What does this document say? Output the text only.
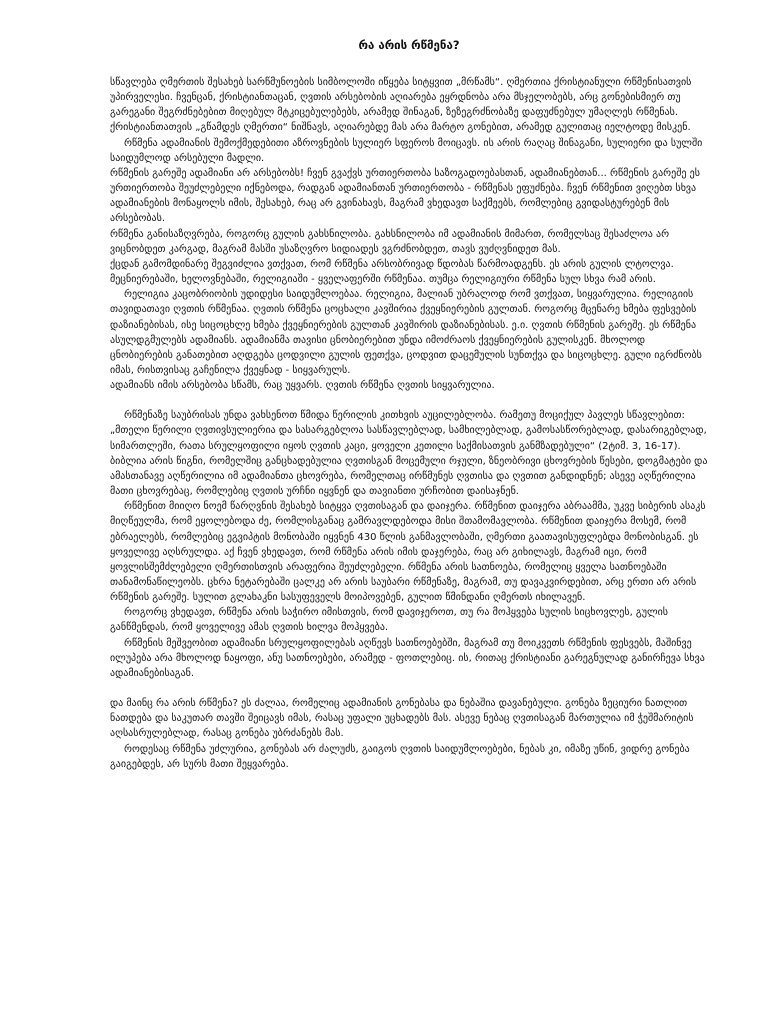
რა არის რწმენა?

სწავლება ღმერთის შესახებ სარწმუნოების სიმბოლოში იწყება სიტყვით „მრწამს“. ღმერთია ქრისტიანული რწმენისათვის უპირველესი. ჩვენცან, ქრისტიანთაცან, ღვთის არსებობის აღიარება ეყრდნობა არა მსჯელობებს, არც გონებისმიერ თუ გარეგანი შეგრძნებებით მიღებულ მტკიცებულებებს, არამედ შინაგან, ზეზეგრძნობაზე დაფუძნებულ უმაღლეს რწმენას. ქრისტიანთათვის „გწამდეს ღმერთი“ ნიშნავს, აღიარებდე მას არა მარტო გონებით, არამედ გულითაც იელტოდე მისკენ.

რწმენა ადამიანის შემოქმედებითი აზროვნების სულიერ სფეროს მოიცავს. ის არის რაღაც შინაგანი, სულიერი და სულში საიდუმლოდ არსებული მადლი.

რწმენის გარეშე ადამიანი არ არსებობს! ჩვენ გვაქვს ურთიერთობა საზოგადოებასთან, ადამიანებთან... რწმენის გარეშე ეს ურთიერთობა შეუძლებელი იქნებოდა, რადგან ადამიანთან ურთიერთობა - რწმენას ეფუძნება. ჩვენ რწმენით ვიღებთ სხვა ადამიანების მონაყოლს იმის, შესახებ, რაც არ გვინახავს, მაგრამ ვხედავთ საქმეებს, რომლებიც გვიდასტურებენ მის არსებობას.

რწმენა განისაზღვრება, როგორც გულის გახსნილობა. გახსნილობა იმ ადამიანის მიმართ, რომელსაც შესაძლოა არ ვიცნობდეთ კარგად, მაგრამ მასში უსაზღვრო სიდიადეს ვგრძნობდეთ, თავს ვუძღვნიდეთ მას.

ქცდან გამომდინარე შეგვიძლია ვთქვათ, რომ რწმენა არსობრივად წდობას წარმოადგენს. ეს არის გულის ლტოლვა.

მეცნიერებაში, ხელოვნებაში, რელიგიაში - ყველაფერში რწმენაა. თუმცა რელიგიური რწმენა სულ სხვა რამ არის.

რელიგია კაცობრიობის უდიდესი საიდუმლოებაა. რელიგია, მალიან უბრალოდ რომ ვთქვათ, სიყვარულია. რელიგიის თავიდათავი ღვთის რწმენაა. ღვთის რწმენა ცოცხალი კავშირია ქვეყნიერების გულთან. როგორც მცენარე ხმება ფესვების დაზიანებისას, ისე სიცოცხლე ხმება ქვეყნიერების გულთან კავშირის დაზიანებისას. ე.ი. ღვთის რწმენის გარეშე. ეს რწმენა ასულდგმულებს ადამიანს. ადამიანმა თავისი ცნობიერებით უნდა იმოძრაოს ქვეყნიერების გულისკენ. მხოლოდ ცნობიერების განათებით აღდგება ცოდვილი გულის ფეთქვა, ცოდვით დაცემულის სუნთქვა და სიცოცხლე. გული იგრძნობს იმას, რისთვისაც გაჩენილა ქვეყნად - სიყვარულს.

ადამიანს იმის არსებობა სწამს, რაც უყვარს. ღვთის რწმენა ღვთის სიყვარულია.

რწმენაზე საუბრისას უნდა ვახსენოთ წმიდა წერილის კითხვის აუცილებლობა. რამეთუ მოციქულ პავლეს სწავლებით: „მთელი წერილი ღვთივსულიერია და სასარგებლოა სასწავლებლად, სამხილებლად, გამოსასწორებლად, დასარიგებლად, სიმართლეში, რათა სრულყოფილი იყოს ღვთის კაცი, ყოველი კეთილი საქმისათვის განმზადებული“ (2ტიმ. 3, 16-17).

ბიბლია არის წიგნი, რომელშიც განცხადებულია ღვთისგან მოცემული რჯული, ზნეობრივი ცხოვრების წესები, დოგმატები და ამასთანავე აღწერილია იმ ადამიანთა ცხოვრება, რომელთაც ირწმუნეს ღვთისა და ღვთით განდიდნენ; ასევე აღწერილია მათი ცხოვრებაც, რომლებიც ღვთის ურჩნი იყვნენ და თავიანთი ურჩობით დაისაჯნენ.

რწმენით მიიღო ნოემ წარღვნის შესახებ სიტყვა ღვთისაგან და დაიჯერა. რწმენით დაიჯერა აბრაამმა, უკვე სიბერის ასაკს მიღწეულმა, რომ ეყოლებოდა ძე, რომლისგანაც გამრავლდებოდა მისი შთამომავლობა. რწმენით დაიჯერა მოსემ, რომ ებრაელებს, რომლებიც ეგვიპტის მონობაში იყვნენ 430 წლის განმავლობაში, ღმერთი გაათავისუფლებდა მონობისგან. ეს ყოველივე აღსრულდა. აქ ჩვენ ვხედავთ, რომ რწმენა არის იმის დაჯერება, რაც არ გიხილავს, მაგრამ იცი, რომ ყოვლისშემძლებელი ღმერთისთვის არაფერია შეუძლებელი. რწმენა არის სათნოება, რომელიც ყველა სათნოებაში თანამონაწილეობს. ცხრა ნეტარებაში ცალკე არ არის საუბარი რწმენაზე, მაგრამ, თუ დავაკვირდებით, არც ერთი არ არის რწმენის გარეშე. სულით გლახაკნი სასუფეველს მოიპოვებენ, გულით წმინდანი ღმერთს იხილავენ.

როგორც ვხედავთ, რწმენა არის საჭირო იმისთვის, რომ დავიჯეროთ, თუ რა მოჰყვება სულის სიცხოვლეს, გულის განწმენდას, რომ ყოველივე ამას ღვთის ხილვა მოჰყვება.

რწმენის მეშვეობით ადამიანი სრულყოფილებას აღწევს სათნოებებში, მაგრამ თუ მოიკვეთს რწმენის ფესვებს, მაშინვე ილუპება არა მხოლოდ ნაყოფი, ანუ სათნოებები, არამედ - ფოთლებიც. ის, რითაც ქრისტიანი გარეგნულად განირჩევა სხვა ადამიანებისაგან.

და მაინც რა არის რწმენა? ეს ძალაა, რომელიც ადამიანის გონებასა და ნებაშია დავანებული. გონება ზეციური ნათლით ნათდება და საკუთარ თავში შეიცავს იმას, რასაც უფალი უცხადებს მას. ასევე ნებაც ღვთისაგან მართულია იმ ჭეშმარიტის აღსასრულებლად, რასაც გონება უბრძანებს მას.

როდესაც რწმენა უძლურია, გონებას არ ძალუძს, გაიგოს ღვთის საიდუმლოებები, ნებას კი, იმაზე უწინ, ვიდრე გონება გაიგებდეს, არ სურს მათი შეყვარება.
